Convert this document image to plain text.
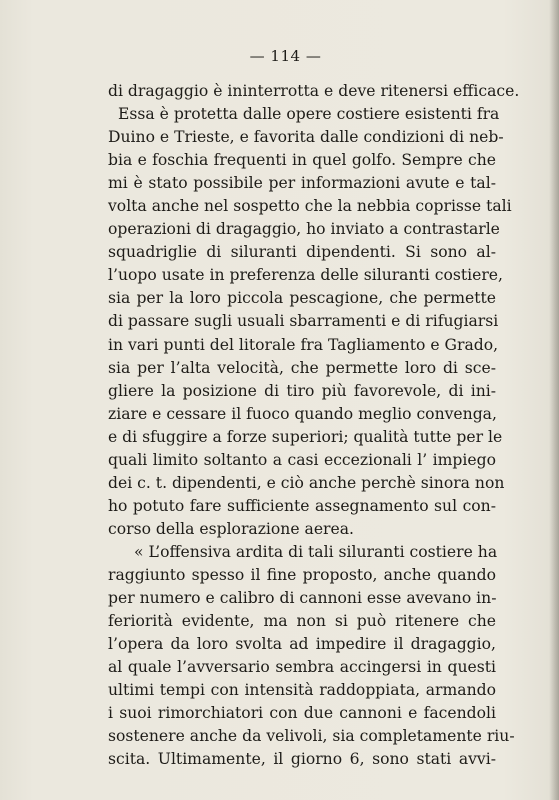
— 114 —
di dragaggio è ininterrotta e deve ritenersi efficace.
Essa è protetta dalle opere costiere esistenti fra
Duino e Trieste, e favorita dalle condizioni di neb-
bia e foschia frequenti in quel golfo. Sempre che
mi è stato possibile per informazioni avute e tal-
volta anche nel sospetto che la nebbia coprisse tali
operazioni di dragaggio, ho inviato a contrastarle
squadriglie di siluranti dipendenti. Si sono al-
l’uopo usate in preferenza delle siluranti costiere,
sia per la loro piccola pescagione, che permette
di passare sugli usuali sbarramenti e di rifugiarsi
in vari punti del litorale fra Tagliamento e Grado,
sia per l’alta velocità, che permette loro di sce-
gliere la posizione di tiro più favorevole, di ini-
ziare e cessare il fuoco quando meglio convenga,
e di sfuggire a forze superiori; qualità tutte per le
quali limito soltanto a casi eccezionali l’ impiego
dei c. t. dipendenti, e ciò anche perchè sinora non
ho potuto fare sufficiente assegnamento sul con-
corso della esplorazione aerea.
« L’offensiva ardita di tali siluranti costiere ha
raggiunto spesso il fine proposto, anche quando
per numero e calibro di cannoni esse avevano in-
feriorità evidente, ma non si può ritenere che
l’opera da loro svolta ad impedire il dragaggio,
al quale l’avversario sembra accingersi in questi
ultimi tempi con intensità raddoppiata, armando
i suoi rimorchiatori con due cannoni e facendoli
sostenere anche da velivoli, sia completamente riu-
scita. Ultimamente, il giorno 6, sono stati avvi-
